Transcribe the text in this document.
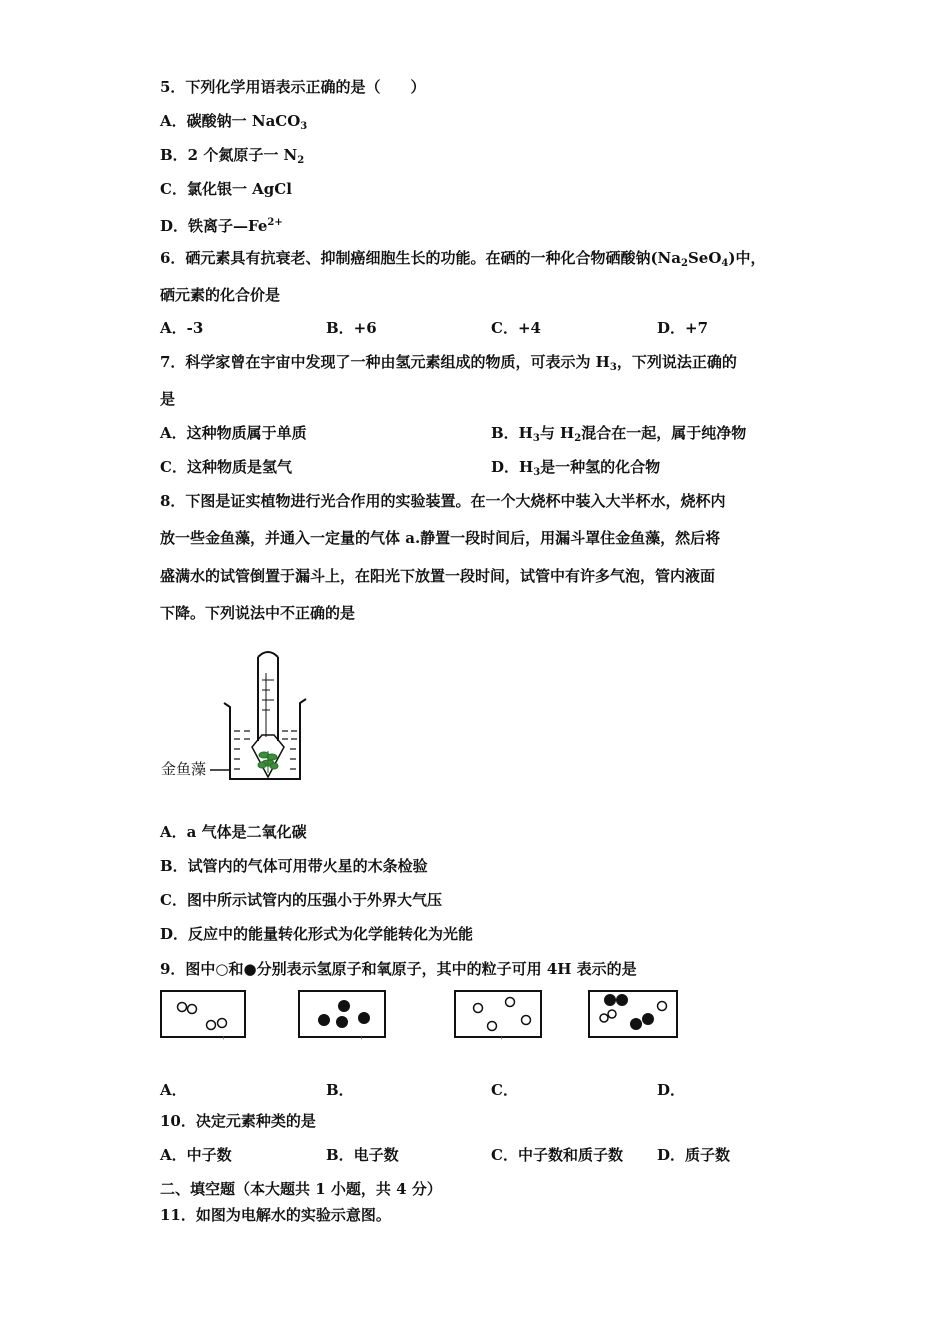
5．下列化学用语表示正确的是（　　）
A．碳酸钠一 NaCO$_3$
B．2 个氮原子一 $N_2$
C．氯化银一 AgCl
D．铁离子$—Fe^{2+}$
6．硒元素具有抗衰老、抑制癌细胞生长的功能。在硒的一种化合物硒酸钠$(Na_2SeO_4)$中，
硒元素的化合价是
A．-3	B．+6	C．+4	D．+7
7．科学家曾在宇宙中发现了一种由氢元素组成的物质，可表示为 $H_3$，下列说法正确的
是
A．这种物质属于单质	B．$H_3$与 $H_2$混合在一起，属于纯净物
C．这种物质是氢气	D．$H_3$是一种氢的化合物
8．下图是证实植物进行光合作用的实验装置。在一个大烧杯中装入大半杯水，烧杯内
放一些金鱼藻，并通入一定量的气体 a.静置一段时间后，用漏斗罩住金鱼藻，然后将
盛满水的试管倒置于漏斗上，在阳光下放置一段时间，试管中有许多气泡，管内液面
下降。下列说法中不正确的是
金鱼藻
A．a 气体是二氧化碳
B．试管内的气体可用带火星的木条检验
C．图中所示试管内的压强小于外界大气压
D．反应中的能量转化形式为化学能转化为光能
9．图中○和●分别表示氢原子和氧原子，其中的粒子可用 4H 表示的是
'	'	'
A．	B．	C．	D．
10．决定元素种类的是
A．中子数	B．电子数	C．中子数和质子数 D．质子数
二、填空题（本大题共 1 小题，共 4 分）
11．如图为电解水的实验示意图。
